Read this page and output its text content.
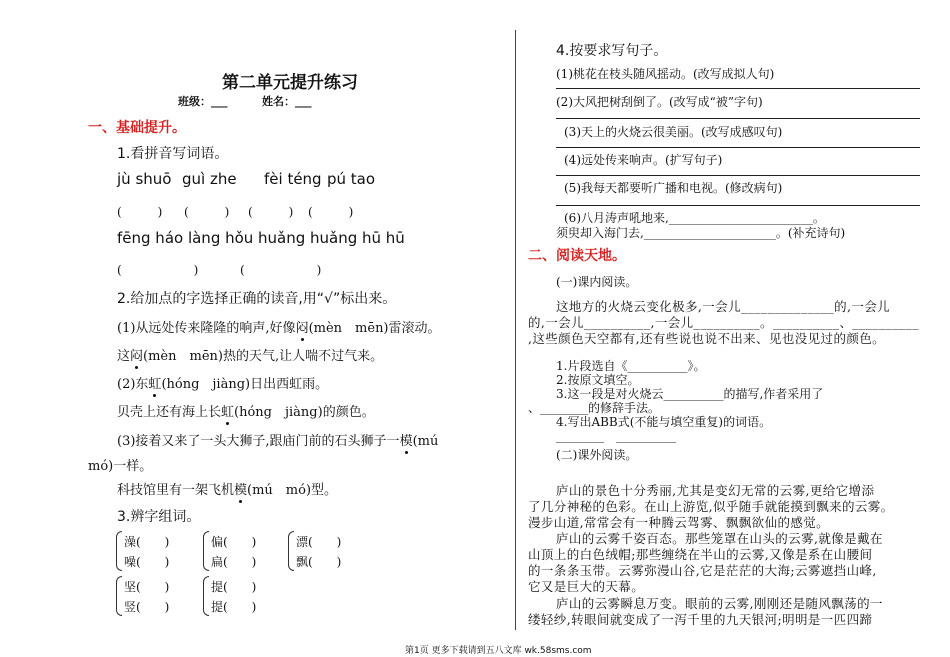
第二单元提升练习
班级：___	姓名：___
一、基础提升。
1.看拼音写词语。
jù shuō guì zhe fèi téng pú tao
(　　　) (　　　) (　　　) (　　　)
fēng háo làng hǒu huǎng huǎng hū hū
(　　　　　　)	(　　　　　　)
2.给加点的字选择正确的读音,用“√”标出来。
(1)从远处传来隆隆的响声,好像闷(mèn　mēn)雷滚动。
这闷(mèn　mēn)热的天气,让人喘不过气来。
(2)东虹(hóng　jiàng)日出西虹雨。
贝壳上还有海上长虹(hóng　jiàng)的颜色。
(3)接着又来了一头大狮子,跟庙门前的石头狮子一模(mú
mó)一样。
科技馆里有一架飞机模(mú　mó)型。
3.辨字组词。
澡(　　)
噪(　　)
偏(　　)
扁(　　)
漂(　　)
飘(　　)
坚(　　)
竖(　　)
提(　　)
提(　　)
4.按要求写句子。
(1)桃花在枝头随风摇动。(改写成拟人句)
(2)大风把树刮倒了。(改写成“被”字句)
(3)天上的火烧云很美丽。(改写成感叹句)
(4)远处传来响声。(扩写句子)
(5)我每天都要听广播和电视。(修改病句)
(6)八月涛声吼地来,________________________。
须臾却入海门去,______________________。(补充诗句)
二、阅读天地。
(一)课内阅读。
这地方的火烧云变化极多,一会儿______________的,一会儿
的,一会儿__________,一会儿__________。__________、__________
,这些颜色天空都有,还有些说也说不出来、见也没见过的颜色。
1.片段选自《__________》。
2.按原文填空。
3.这一段是对火烧云__________的描写,作者采用了
、________的修辞手法。
4.写出ABB式(不能与填空重复)的词语。
________　__________
(二)课外阅读。
庐山的景色十分秀丽,尤其是变幻无常的云雾,更给它增添
了几分神秘的色彩。在山上游览,似乎随手就能摸到飘来的云雾。
漫步山道,常常会有一种腾云驾雾、飘飘欲仙的感觉。
庐山的云雾千姿百态。那些笼罩在山头的云雾,就像是戴在
山顶上的白色绒帽;那些缠绕在半山的云雾,又像是系在山腰间
的一条条玉带。云雾弥漫山谷,它是茫茫的大海;云雾遮挡山峰,
它又是巨大的天幕。
庐山的云雾瞬息万变。眼前的云雾,刚刚还是随风飘荡的一
缕轻纱,转眼间就变成了一泻千里的九天银河;明明是一匹四蹄
第1页 更多下载请到五八文库 wk.58sms.com
